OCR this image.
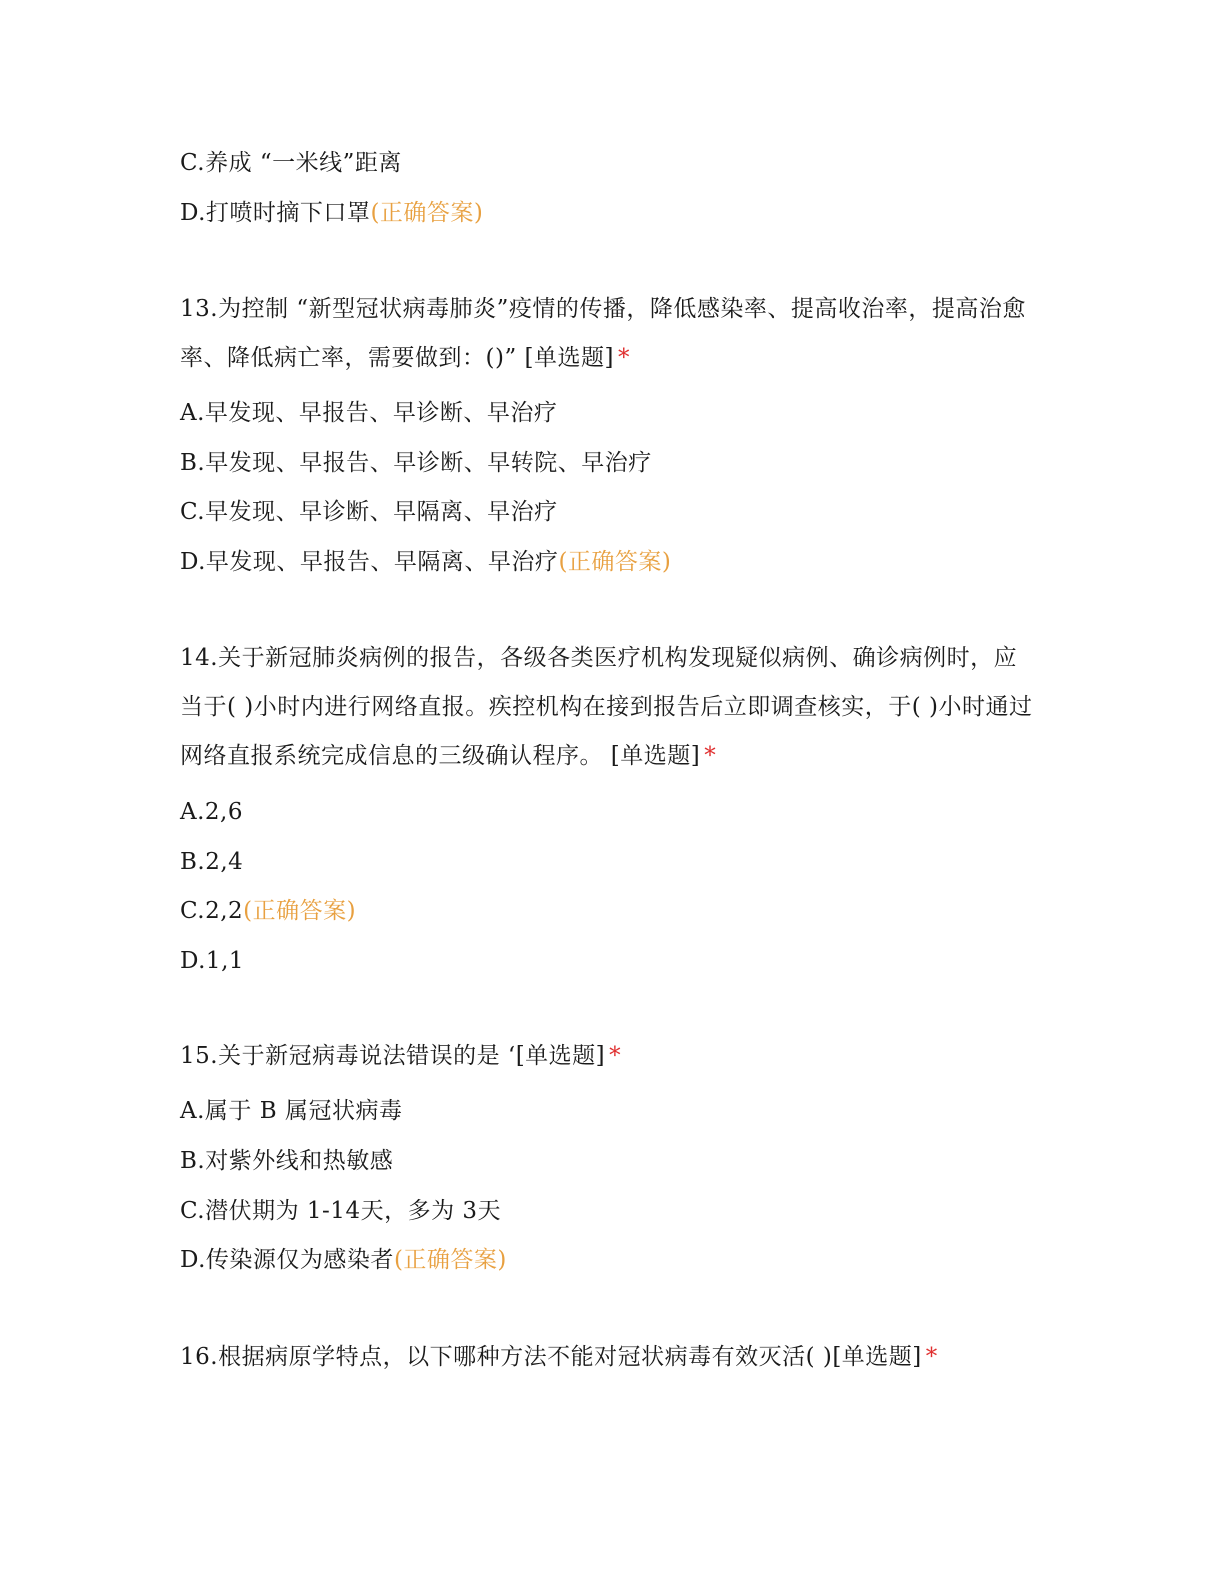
C.养成 “一米线”距离
D.打喷时摘下口罩(正确答案)
13.为控制 “新型冠状病毒肺炎”疫情的传播，降低感染率、提高收治率，提高治愈
率、降低病亡率，需要做到：()” [单选题] *
A.早发现、早报告、早诊断、早治疗
B.早发现、早报告、早诊断、早转院、早治疗
C.早发现、早诊断、早隔离、早治疗
D.早发现、早报告、早隔离、早治疗(正确答案)
14.关于新冠肺炎病例的报告，各级各类医疗机构发现疑似病例、确诊病例时，应
当于( )小时内进行网络直报。疾控机构在接到报告后立即调查核实，于( )小时通过
网络直报系统完成信息的三级确认程序。 [单选题] *
A.2,6
B.2,4
C.2,2(正确答案)
D.1,1
15.关于新冠病毒说法错误的是 ‘[单选题] *
A.属于 B 属冠状病毒
B.对紫外线和热敏感
C.潜伏期为 1-14天，多为 3天
D.传染源仅为感染者(正确答案)
16.根据病原学特点，以下哪种方法不能对冠状病毒有效灭活( )[单选题] *
